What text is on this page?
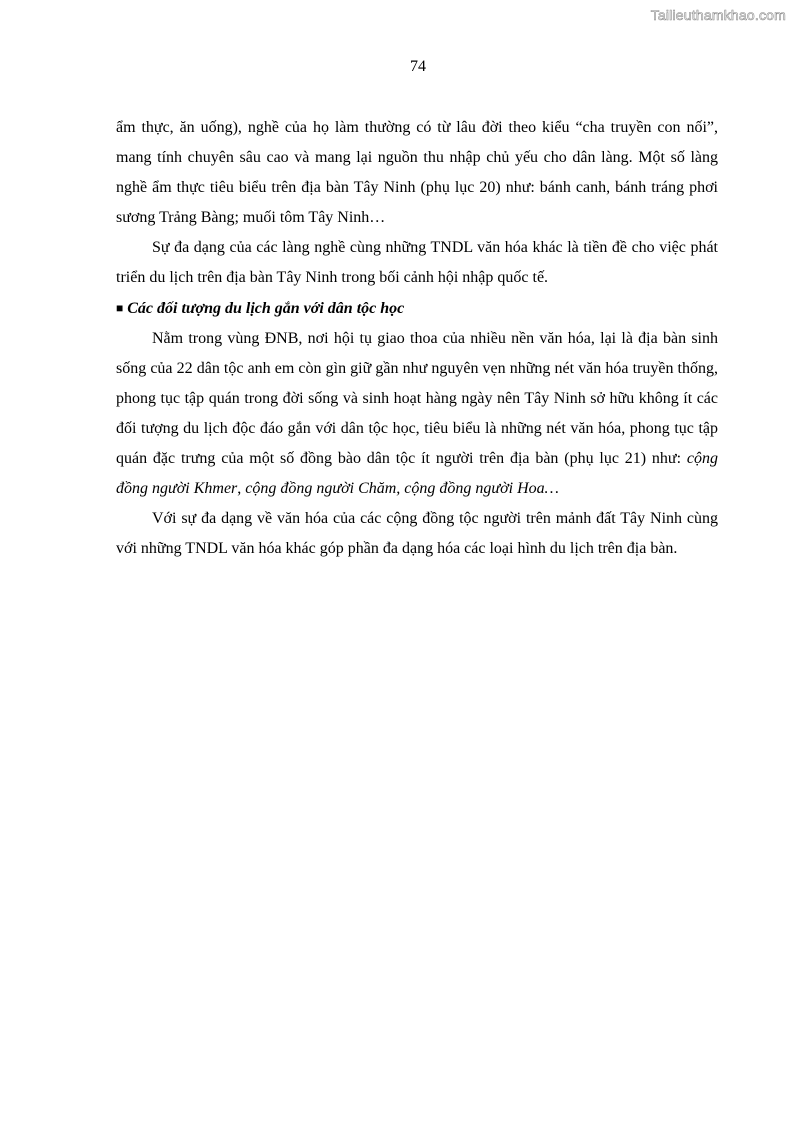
Tailieuthamkhao.com
74

ẩm thực, ăn uống), nghề của họ làm thường có từ lâu đời theo kiểu “cha truyền con nối”, mang tính chuyên sâu cao và mang lại nguồn thu nhập chủ yếu cho dân làng. Một số làng nghề ẩm thực tiêu biểu trên địa bàn Tây Ninh (phụ lục 20) như: bánh canh, bánh tráng phơi sương Trảng Bàng; muối tôm Tây Ninh…

Sự đa dạng của các làng nghề cùng những TNDL văn hóa khác là tiền đề cho việc phát triển du lịch trên địa bàn Tây Ninh trong bối cảnh hội nhập quốc tế.

■ Các đối tượng du lịch gắn với dân tộc học

Nằm trong vùng ĐNB, nơi hội tụ giao thoa của nhiều nền văn hóa, lại là địa bàn sinh sống của 22 dân tộc anh em còn gìn giữ gần như nguyên vẹn những nét văn hóa truyền thống, phong tục tập quán trong đời sống và sinh hoạt hàng ngày nên Tây Ninh sở hữu không ít các đối tượng du lịch độc đáo gắn với dân tộc học, tiêu biểu là những nét văn hóa, phong tục tập quán đặc trưng của một số đồng bào dân tộc ít người trên địa bàn (phụ lục 21) như: cộng đồng người Khmer, cộng đồng người Chăm, cộng đồng người Hoa…

Với sự đa dạng về văn hóa của các cộng đồng tộc người trên mảnh đất Tây Ninh cùng với những TNDL văn hóa khác góp phần đa dạng hóa các loại hình du lịch trên địa bàn.
